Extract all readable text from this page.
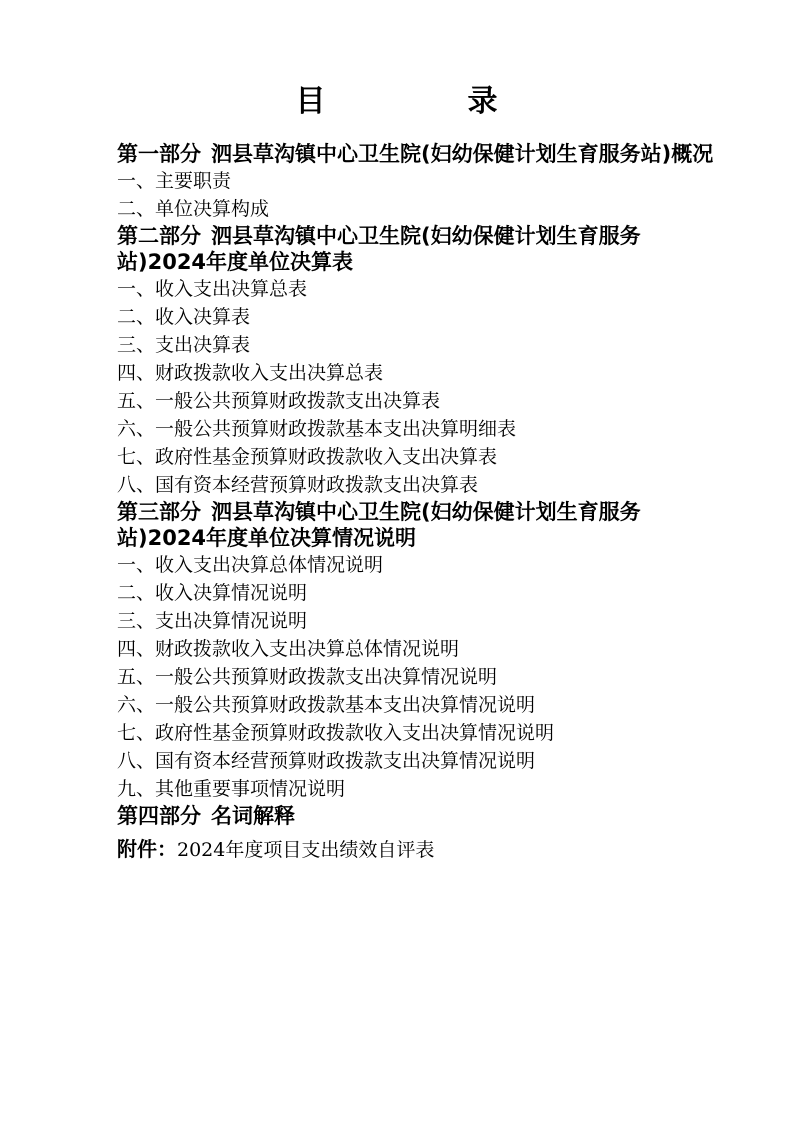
目　录
第一部分 泗县草沟镇中心卫生院(妇幼保健计划生育服务站)概况
一、主要职责
二、单位决算构成
第二部分 泗县草沟镇中心卫生院(妇幼保健计划生育服务站)2024年度单位决算表
一、收入支出决算总表
二、收入决算表
三、支出决算表
四、财政拨款收入支出决算总表
五、一般公共预算财政拨款支出决算表
六、一般公共预算财政拨款基本支出决算明细表
七、政府性基金预算财政拨款收入支出决算表
八、国有资本经营预算财政拨款支出决算表
第三部分 泗县草沟镇中心卫生院(妇幼保健计划生育服务站)2024年度单位决算情况说明
一、收入支出决算总体情况说明
二、收入决算情况说明
三、支出决算情况说明
四、财政拨款收入支出决算总体情况说明
五、一般公共预算财政拨款支出决算情况说明
六、一般公共预算财政拨款基本支出决算情况说明
七、政府性基金预算财政拨款收入支出决算情况说明
八、国有资本经营预算财政拨款支出决算情况说明
九、其他重要事项情况说明
第四部分 名词解释
附件：2024年度项目支出绩效自评表
